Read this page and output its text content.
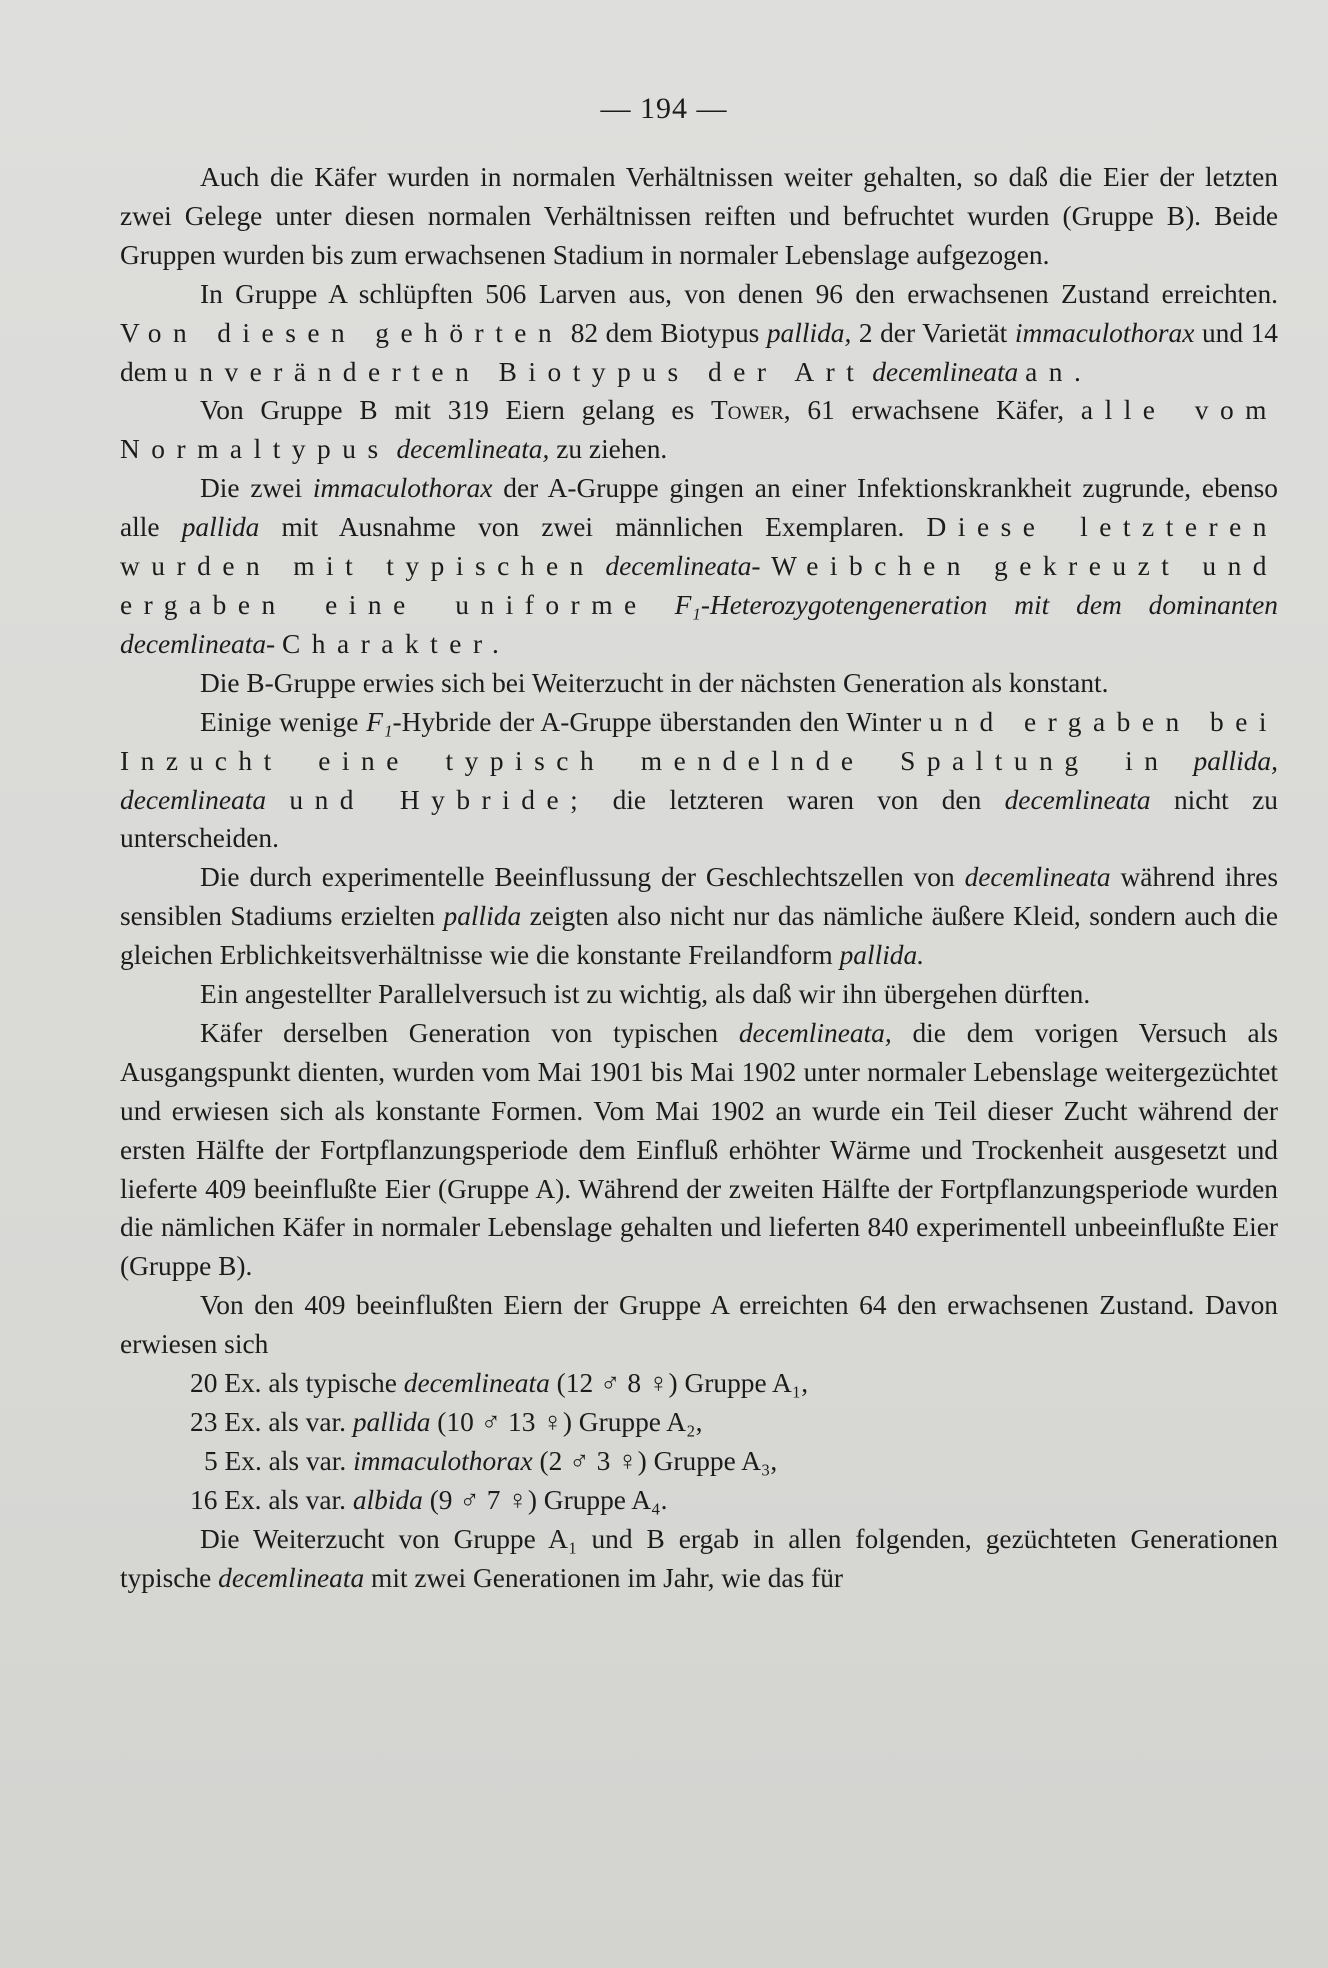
— 194 —

Auch die Käfer wurden in normalen Verhältnissen weiter gehalten, so daß die Eier der letzten zwei Gelege unter diesen normalen Verhältnissen reiften und befruchtet wurden (Gruppe B). Beide Gruppen wurden bis zum erwachsenen Stadium in normaler Lebenslage aufgezogen.

In Gruppe A schlüpften 506 Larven aus, von denen 96 den erwachsenen Zustand erreichten. Von diesen gehörten 82 dem Biotypus pallida, 2 der Varietät immaculothorax und 14 dem unveränderten Biotypus der Art decemlineata an.

Von Gruppe B mit 319 Eiern gelang es Tower, 61 erwachsene Käfer, alle vom Normaltypus decemlineata, zu ziehen.

Die zwei immaculothorax der A-Gruppe gingen an einer Infektionskrankheit zugrunde, ebenso alle pallida mit Ausnahme von zwei männlichen Exemplaren. Diese letzteren wurden mit typischen decemlineata- Weibchen gekreuzt und ergaben eine uniforme F₁-Heterozygotengeneration mit dem dominanten decemlineata- Charakter.

Die B-Gruppe erwies sich bei Weiterzucht in der nächsten Generation als konstant.

Einige wenige F₁-Hybride der A-Gruppe überstanden den Winter und ergaben bei Inzucht eine typisch mendelnde Spaltung in pallida, decemlineata und Hybride; die letzteren waren von den decemlineata nicht zu unterscheiden.

Die durch experimentelle Beeinflussung der Geschlechtszellen von decemlineata während ihres sensiblen Stadiums erzielten pallida zeigten also nicht nur das nämliche äußere Kleid, sondern auch die gleichen Erblichkeitsverhältnisse wie die konstante Freilandform pallida.

Ein angestellter Parallelversuch ist zu wichtig, als daß wir ihn übergehen dürften.

Käfer derselben Generation von typischen decemlineata, die dem vorigen Versuch als Ausgangspunkt dienten, wurden vom Mai 1901 bis Mai 1902 unter normaler Lebenslage weitergezüchtet und erwiesen sich als konstante Formen. Vom Mai 1902 an wurde ein Teil dieser Zucht während der ersten Hälfte der Fortpflanzungsperiode dem Einfluß erhöhter Wärme und Trockenheit ausgesetzt und lieferte 409 beeinflußte Eier (Gruppe A). Während der zweiten Hälfte der Fortpflanzungsperiode wurden die nämlichen Käfer in normaler Lebenslage gehalten und lieferten 840 experimentell unbeeinflußte Eier (Gruppe B).

Von den 409 beeinflußten Eiern der Gruppe A erreichten 64 den erwachsenen Zustand. Davon erwiesen sich

20 Ex. als typische decemlineata (12 ♂ 8 ♀) Gruppe A₁,
23 Ex. als var. pallida (10 ♂ 13 ♀) Gruppe A₂,
5 Ex. als var. immaculothorax (2 ♂ 3 ♀) Gruppe A₃,
16 Ex. als var. albida (9 ♂ 7 ♀) Gruppe A₄.

Die Weiterzucht von Gruppe A₁ und B ergab in allen folgenden, gezüchteten Generationen typische decemlineata mit zwei Generationen im Jahr, wie das für
